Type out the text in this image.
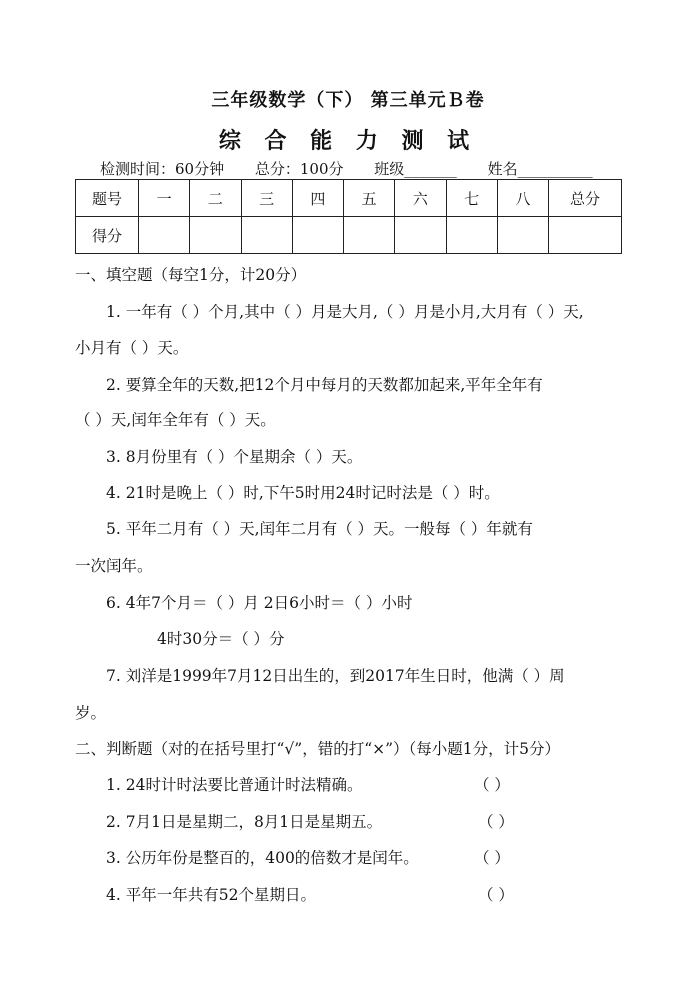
三年级数学（下） 第三单元Ｂ卷
综 合 能 力 测 试
检测时间：60分钟 总分：100分 班级_______ 姓名__________
题号	一	二	三	四	五	六	七	八	总分
得分									
一、填空题（每空1分，计20分）
1. 一年有（ ）个月,其中（ ）月是大月,（ ）月是小月,大月有（ ）天,
小月有（ ）天。
2. 要算全年的天数,把12个月中每月的天数都加起来,平年全年有
（ ）天,闰年全年有（ ）天。
3. 8月份里有（ ）个星期余（ ）天。
4. 21时是晚上（ ）时,下午5时用24时记时法是（ ）时。
5. 平年二月有（ ）天,闰年二月有（ ）天。一般每（ ）年就有
一次闰年。
6. 4年7个月＝（ ）月 2日6小时＝（ ）小时
4时30分＝（ ）分
7. 刘洋是1999年7月12日出生的，到2017年生日时，他满（ ）周
岁。
二、判断题（对的在括号里打“√”，错的打“×”）（每小题1分，计5分）
1. 24时计时法要比普通计时法精确。	（ ）
2. 7月1日是星期二，8月1日是星期五。	（ ）
3. 公历年份是整百的，400的倍数才是闰年。	（ ）
4. 平年一年共有52个星期日。	（ ）
